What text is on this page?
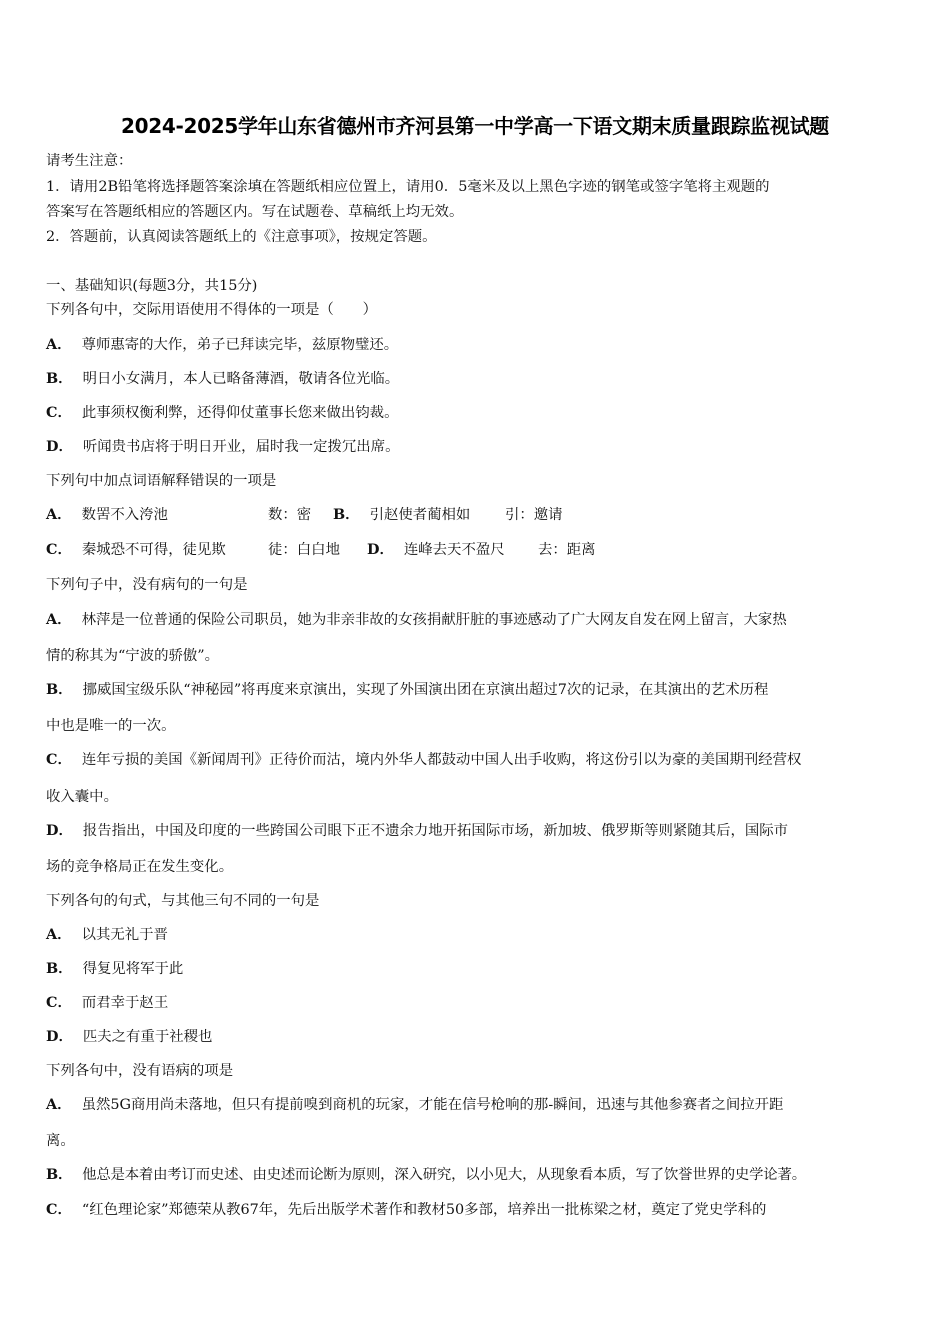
2024-2025学年山东省德州市齐河县第一中学高一下语文期末质量跟踪监视试题
请考生注意：
1．请用2B铅笔将选择题答案涂填在答题纸相应位置上，请用0．5毫米及以上黑色字迹的钢笔或签字笔将主观题的
答案写在答题纸相应的答题区内。写在试题卷、草稿纸上均无效。
2．答题前，认真阅读答题纸上的《注意事项》，按规定答题。
一、基础知识(每题3分，共15分)
下列各句中，交际用语使用不得体的一项是（　　）
A． 尊师惠寄的大作，弟子已拜读完毕，兹原物璧还。
B． 明日小女满月，本人已略备薄酒，敬请各位光临。
C． 此事须权衡利弊，还得仰仗董事长您来做出钧裁。
D． 听闻贵书店将于明日开业，届时我一定拨冗出席。
下列句中加点词语解释错误的一项是
A． 数罟不入洿池	数：密 B． 引赵使者蔺相如 引：邀请
C． 秦城恐不可得，徒见欺	徒：白白地 D． 连峰去天不盈尺 去：距离
下列句子中，没有病句的一句是
A． 林萍是一位普通的保险公司职员，她为非亲非故的女孩捐献肝脏的事迹感动了广大网友自发在网上留言，大家热
情的称其为“宁波的骄傲”。
B． 挪威国宝级乐队“神秘园”将再度来京演出，实现了外国演出团在京演出超过7次的记录，在其演出的艺术历程
中也是唯一的一次。
C． 连年亏损的美国《新闻周刊》正待价而沽，境内外华人都鼓动中国人出手收购，将这份引以为豪的美国期刊经营权
收入囊中。
D． 报告指出，中国及印度的一些跨国公司眼下正不遗余力地开拓国际市场，新加坡、俄罗斯等则紧随其后，国际市
场的竞争格局正在发生变化。
下列各句的句式，与其他三句不同的一句是
A． 以其无礼于晋
B． 得复见将军于此
C． 而君幸于赵王
D． 匹夫之有重于社稷也
下列各句中，没有语病的项是
A． 虽然5G商用尚未落地，但只有提前嗅到商机的玩家，才能在信号枪响的那-瞬间，迅速与其他参赛者之间拉开距
离。
B． 他总是本着由考订而史述、由史述而论断为原则，深入研究，以小见大，从现象看本质，写了饮誉世界的史学论著。
C． “红色理论家”郑德荣从教67年，先后出版学术著作和教材50多部，培养出一批栋梁之材，奠定了党史学科的
